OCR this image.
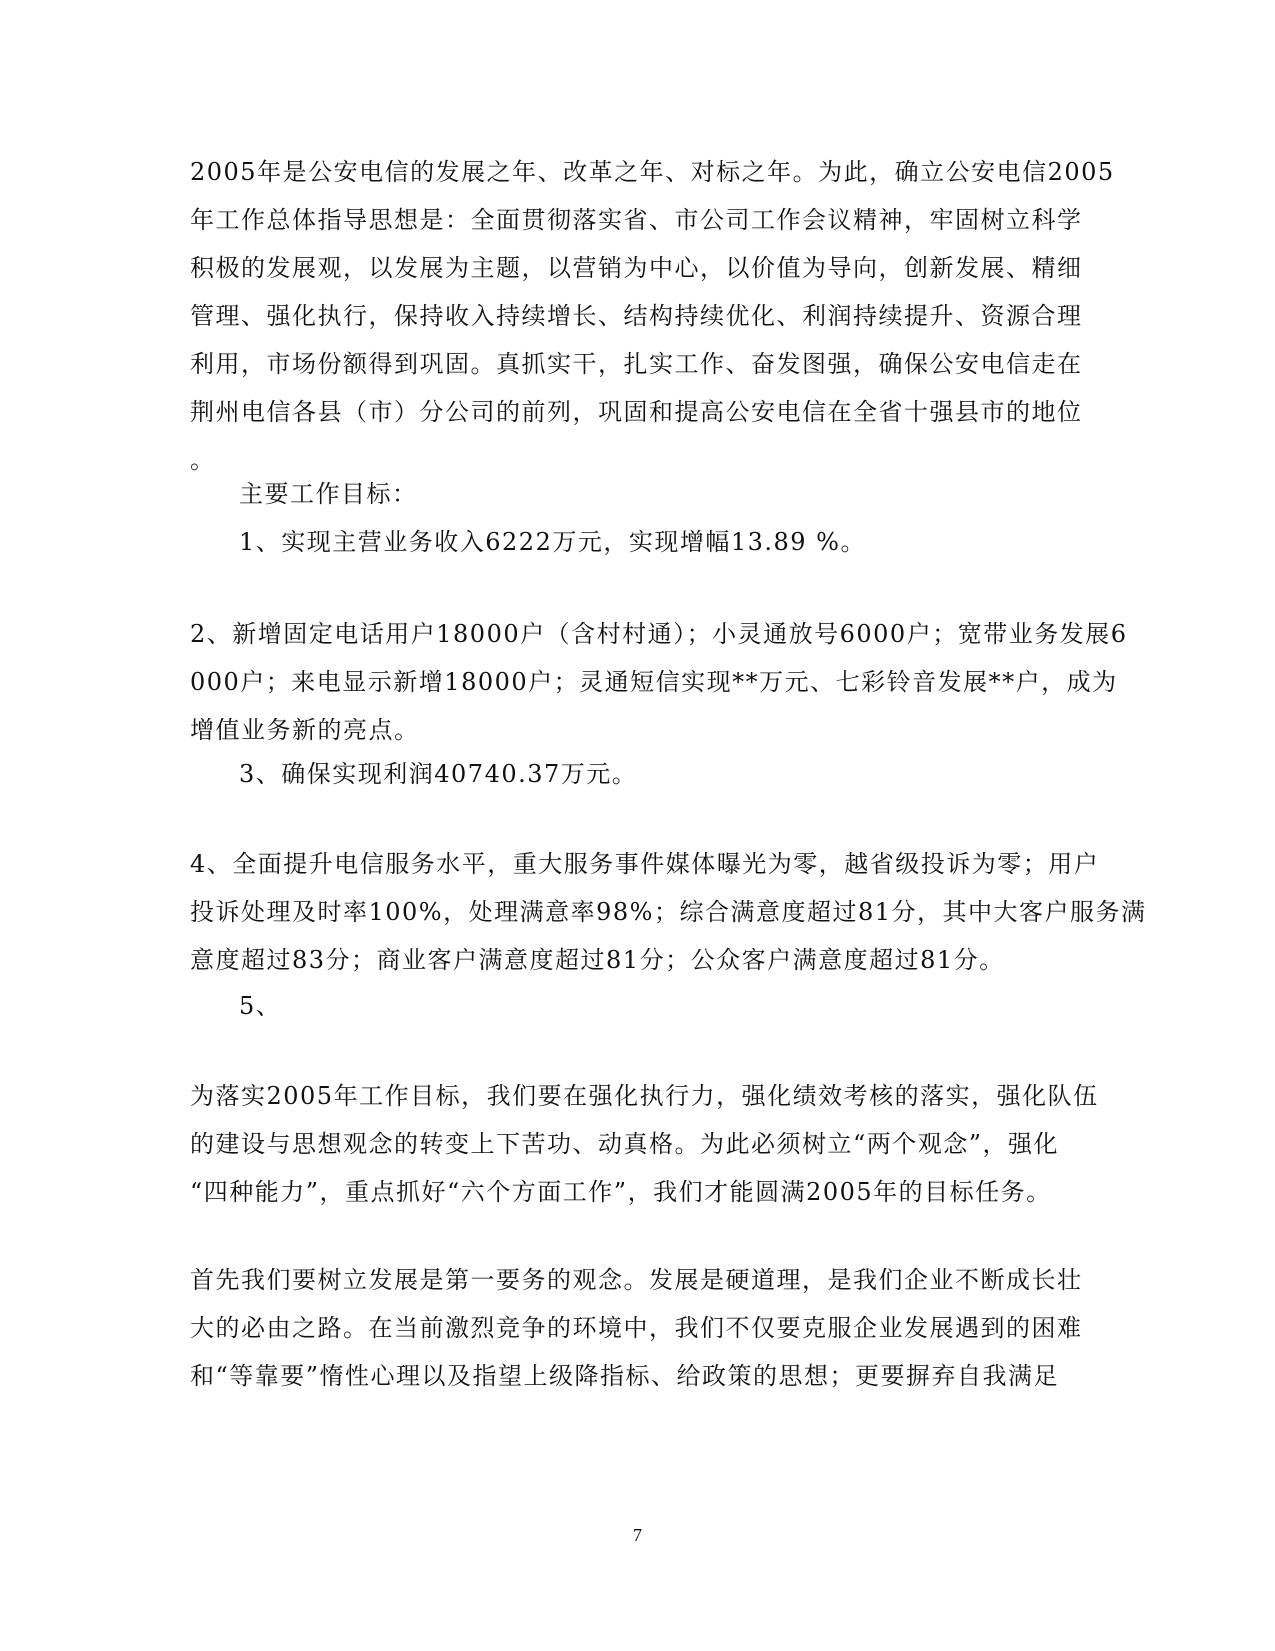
2005年是公安电信的发展之年、改革之年、对标之年。为此，确立公安电信2005
年工作总体指导思想是：全面贯彻落实省、市公司工作会议精神，牢固树立科学
积极的发展观，以发展为主题，以营销为中心，以价值为导向，创新发展、精细
管理、强化执行，保持收入持续增长、结构持续优化、利润持续提升、资源合理
利用，市场份额得到巩固。真抓实干，扎实工作、奋发图强，确保公安电信走在
荆州电信各县（市）分公司的前列，巩固和提高公安电信在全省十强县市的地位
。
主要工作目标：
1、实现主营业务收入6222万元，实现增幅13.89 %。
2、新增固定电话用户18000户（含村村通）；小灵通放号6000户；宽带业务发展6
000户；来电显示新增18000户；灵通短信实现**万元、七彩铃音发展**户，成为
增值业务新的亮点。
3、确保实现利润40740.37万元。
4、全面提升电信服务水平，重大服务事件媒体曝光为零，越省级投诉为零；用户
投诉处理及时率100%，处理满意率98%；综合满意度超过81分，其中大客户服务满
意度超过83分；商业客户满意度超过81分；公众客户满意度超过81分。
5、
为落实2005年工作目标，我们要在强化执行力，强化绩效考核的落实，强化队伍
的建设与思想观念的转变上下苦功、动真格。为此必须树立“两个观念”，强化
“四种能力”，重点抓好“六个方面工作”，我们才能圆满2005年的目标任务。
首先我们要树立发展是第一要务的观念。发展是硬道理，是我们企业不断成长壮
大的必由之路。在当前激烈竞争的环境中，我们不仅要克服企业发展遇到的困难
和“等靠要”惰性心理以及指望上级降指标、给政策的思想；更要摒弃自我满足
7
